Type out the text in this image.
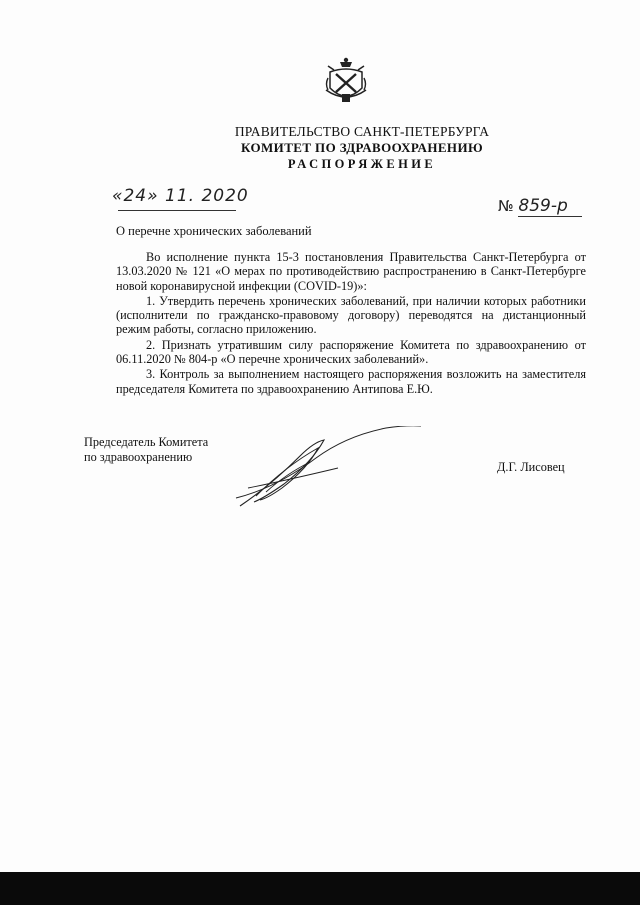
ПРАВИТЕЛЬСТВО САНКТ-ПЕТЕРБУРГА
КОМИТЕТ ПО ЗДРАВООХРАНЕНИЮ
РАСПОРЯЖЕНИЕ
«24» 11. 2020	№ 859-р
О перечне хронических заболеваний

Во исполнение пункта 15-3 постановления Правительства Санкт-Петербурга от 13.03.2020 № 121 «О мерах по противодействию распространению в Санкт-Петербурге новой коронавирусной инфекции (COVID-19)»:

1. Утвердить перечень хронических заболеваний, при наличии которых работники (исполнители по гражданско-правовому договору) переводятся на дистанционный режим работы, согласно приложению.

2. Признать утратившим силу распоряжение Комитета по здравоохранению от 06.11.2020 № 804-р «О перечне хронических заболеваний».

3. Контроль за выполнением настоящего распоряжения возложить на заместителя председателя Комитета по здравоохранению Антипова Е.Ю.

Председатель Комитета
по здравоохранению
Д.Г. Лисовец
